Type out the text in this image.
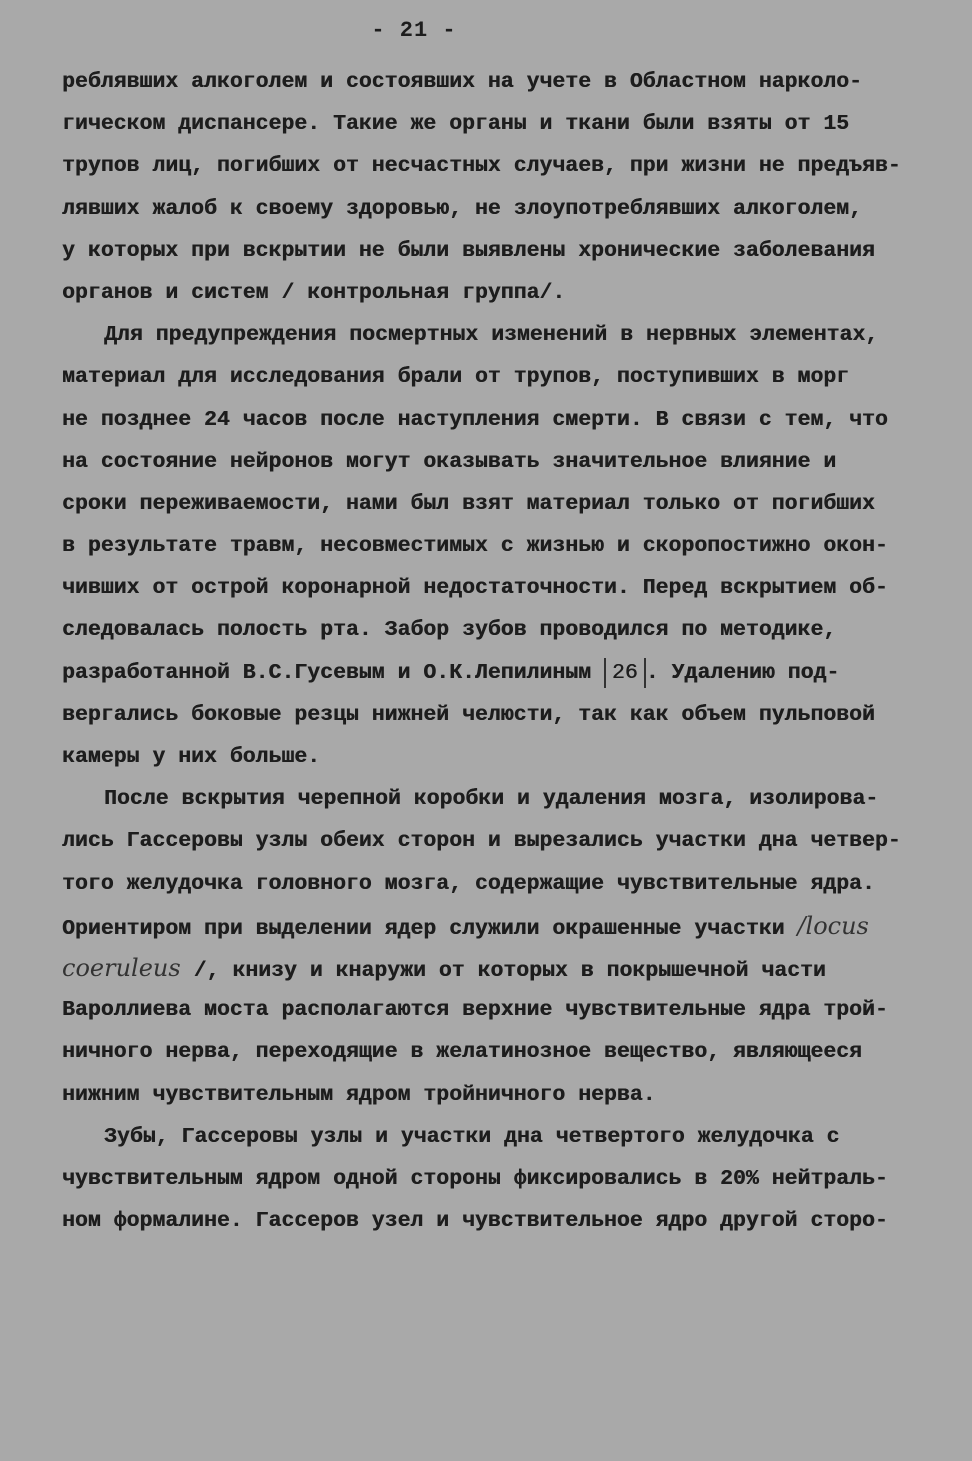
- 21 -
реблявших алкоголем и состоявших на учете в Областном нарколо-
гическом диспансере. Такие же органы и ткани были взяты от 15
трупов лиц, погибших от несчастных случаев, при жизни не предъяв-
лявших жалоб к своему здоровью, не злоупотреблявших алкоголем,
у которых при вскрытии не были выявлены хронические заболевания
органов и систем / контрольная группа/.
Для предупреждения посмертных изменений в нервных элементах,
материал для исследования брали от трупов, поступивших в морг
не позднее 24 часов после наступления смерти. В связи с тем, что
на состояние нейронов могут оказывать значительное влияние и
сроки переживаемости, нами был взят материал только от погибших
в результате травм, несовместимых с жизнью и скоропостижно окон-
чивших от острой коронарной недостаточности. Перед вскрытием об-
следовалась полость рта. Забор зубов проводился по методике,
разработанной В.С.Гусевым и О.К.Лепилиным 26 . Удалению под-
вергались боковые резцы нижней челюсти, так как объем пульповой
камеры у них больше.
После вскрытия черепной коробки и удаления мозга, изолирова-
лись Гассеровы узлы обеих сторон и вырезались участки дна четвер-
того желудочка головного мозга, содержащие чувствительные ядра.
Ориентиром при выделении ядер служили окрашенные участки /locus
coeruleus /, книзу и кнаружи от которых в покрышечной части
Вароллиева моста располагаются верхние чувствительные ядра трой-
ничного нерва, переходящие в желатинозное вещество, являющееся
нижним чувствительным ядром тройничного нерва.
Зубы, Гассеровы узлы и участки дна четвертого желудочка с
чувствительным ядром одной стороны фиксировались в 20% нейтраль-
ном формалине. Гассеров узел и чувствительное ядро другой сторо-
